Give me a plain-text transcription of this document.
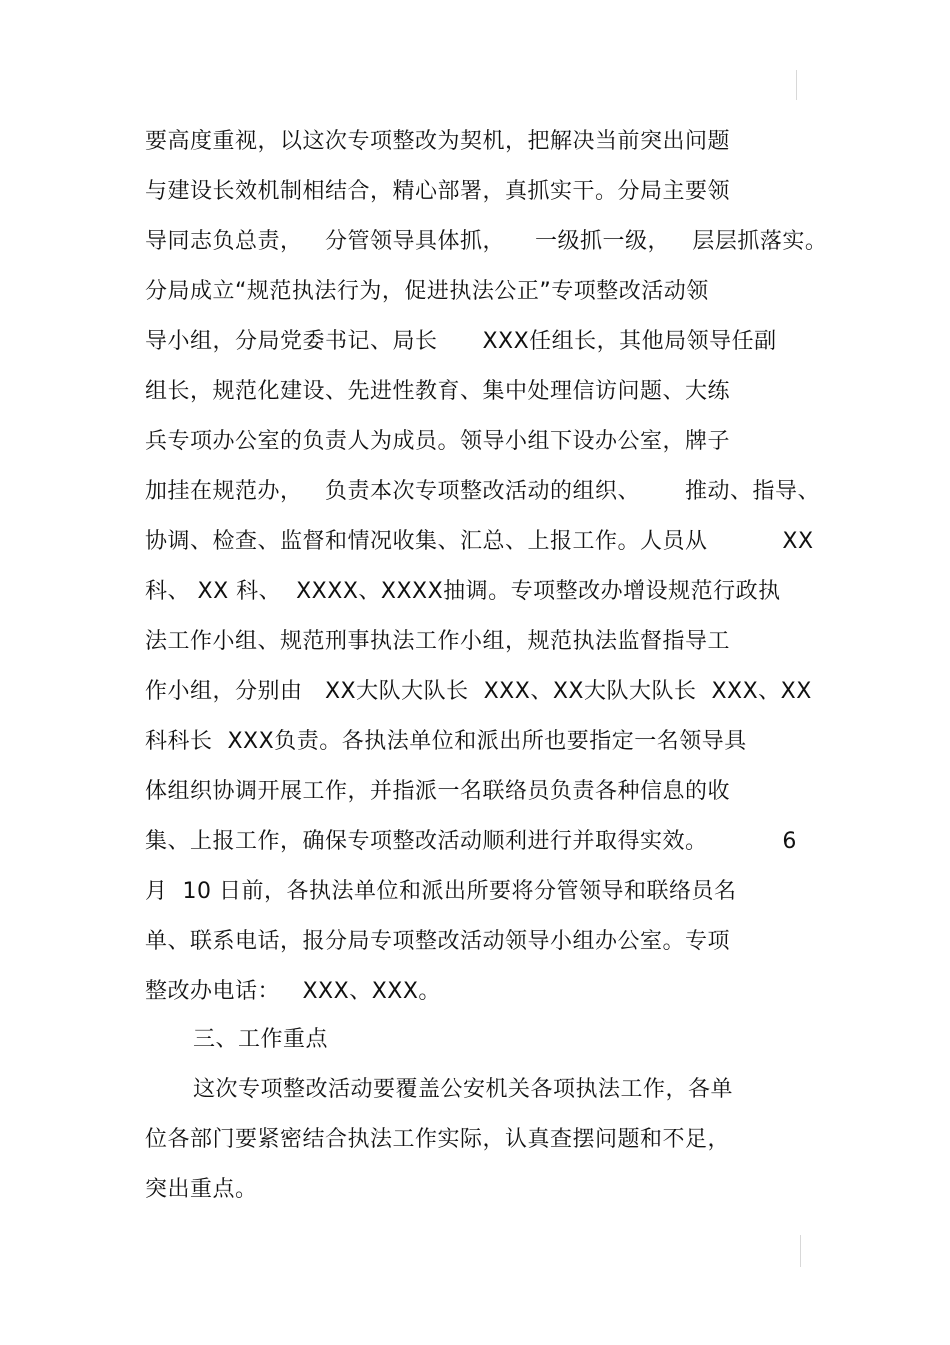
要高度重视，以这次专项整改为契机，把解决当前突出问题
与建设长效机制相结合，精心部署，真抓实干。分局主要领
导同志负总责，   分管领导具体抓，    一级抓一级，   层层抓落实。
分局成立“规范执法行为，促进执法公正”专项整改活动领
导小组，分局党委书记、局长      XXX任组长，其他局领导任副
组长，规范化建设、先进性教育、集中处理信访问题、大练
兵专项办公室的负责人为成员。领导小组下设办公室，牌子
加挂在规范办，   负责本次专项整改活动的组织、      推动、指导、
协调、检查、监督和情况收集、汇总、上报工作。人员从          XX
科、 XX 科、  XXXX、XXXX抽调。专项整改办增设规范行政执
法工作小组、规范刑事执法工作小组，规范执法监督指导工
作小组，分别由   XX大队大队长  XXX、XX大队大队长  XXX、XX
科科长  XXX负责。各执法单位和派出所也要指定一名领导具
体组织协调开展工作，并指派一名联络员负责各种信息的收
集、上报工作，确保专项整改活动顺利进行并取得实效。          6
月  10 日前，各执法单位和派出所要将分管领导和联络员名
单、联系电话，报分局专项整改活动领导小组办公室。专项
整改办电话：   XXX、XXX。
三、工作重点
这次专项整改活动要覆盖公安机关各项执法工作，各单
位各部门要紧密结合执法工作实际，认真查摆问题和不足，
突出重点。
